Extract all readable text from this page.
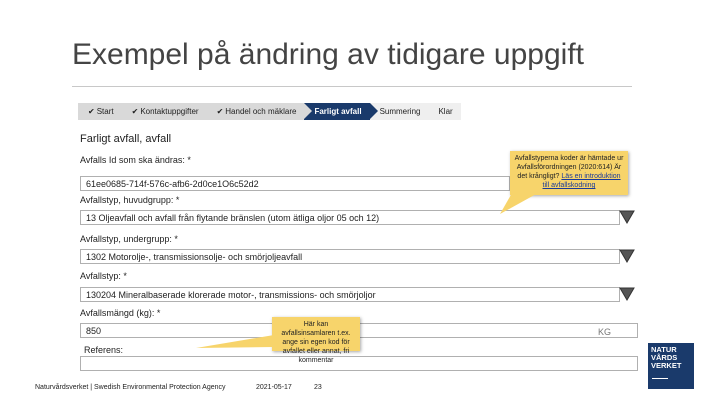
Exempel på ändring av tidigare uppgift
✔ Start	✔ Kontaktuppgifter	✔ Handel och mäklare	Farligt avfall	Summering	Klar
Farligt avfall, avfall
Avfalls Id som ska ändras: *
61ee0685-714f-576c-afb6-2d0ce1O6c52d2
Avfallstyp, huvudgrupp: *
13 Oljeavfall och avfall från flytande bränslen (utom ätliga oljor 05 och 12)
Avfallstyp, undergrupp: *
1302 Motorolje-, transmissionsolje- och smörjoljeavfall
Avfallstyp: *
130204 Mineralbaserade klorerade motor-, transmissions- och smörjoljor
Avfallsmängd (kg): *
850	KG
Referens:
Avfallstyperna koder är hämtade ur Avfallsförordningen (2020:614) Är det krångligt? Läs en introduktion till avfallskodning
Här kan avfallsinsamlaren t.ex. ange sin egen kod för avfallet eller annat, fri kommentar
Naturvårdsverket | Swedish Environmental Protection Agency	2021-05-17	23
NATUR
VÅRDS
VERKET
